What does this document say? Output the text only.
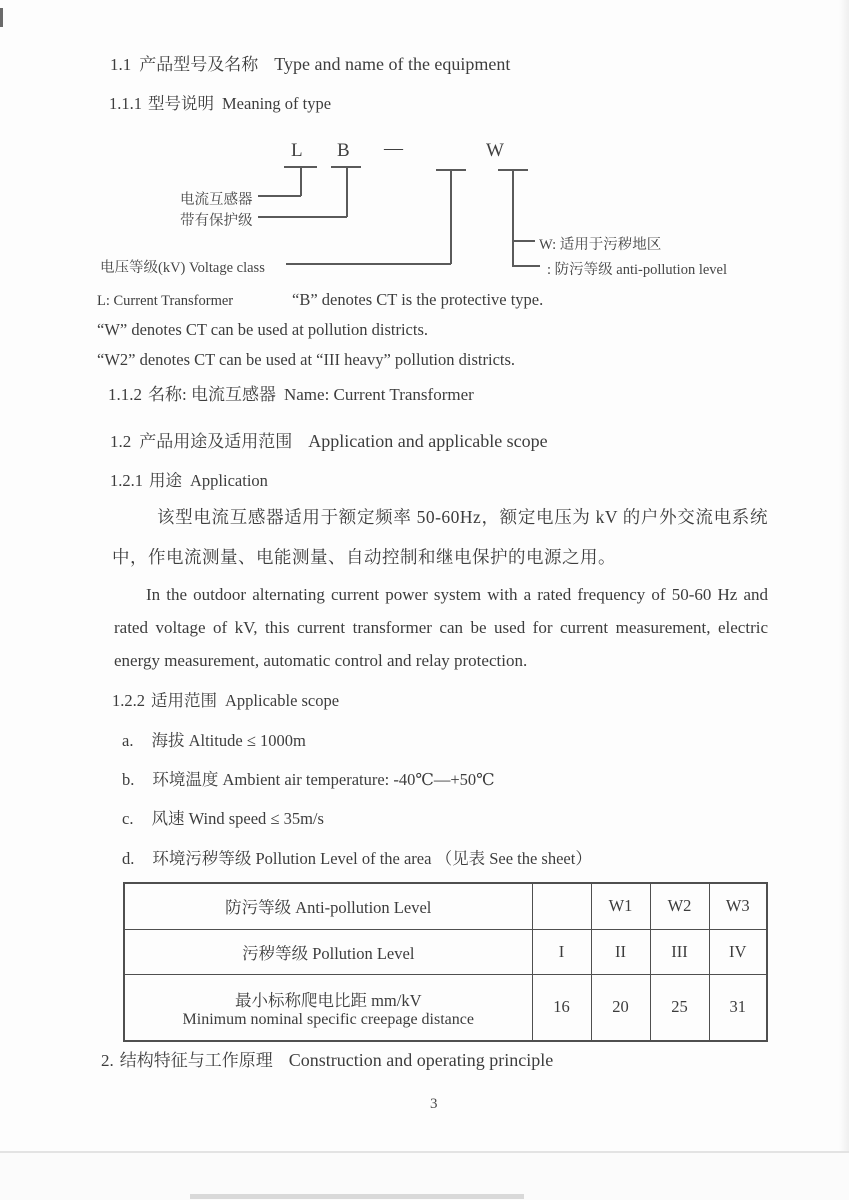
1.1 产品型号及名称 Type and name of the equipment
1.1.1 型号说明 Meaning of type
L B —	W
电流互感器
带有保护级
电压等级(kV) Voltage class
W: 适用于污秽地区
: 防污等级 anti-pollution level
L: Current Transformer	“B” denotes CT is the protective type.
“W” denotes CT can be used at pollution districts.
“W2” denotes CT can be used at “III heavy” pollution districts.
1.1.2 名称: 电流互感器 Name: Current Transformer
1.2 产品用途及适用范围 Application and applicable scope
1.2.1 用途 Application
该型电流互感器适用于额定频率 50-60Hz，额定电压为 kV 的户外交流电系统中，作电流测量、电能测量、自动控制和继电保护的电源之用。
In the outdoor alternating current power system with a rated frequency of 50-60 Hz and rated voltage of kV, this current transformer can be used for current measurement, electric energy measurement, automatic control and relay protection.
1.2.2 适用范围 Applicable scope
a. 海拔 Altitude ≤ 1000m
b. 环境温度 Ambient air temperature: -40℃—+50℃
c. 风速 Wind speed ≤ 35m/s
d. 环境污秽等级 Pollution Level of the area （见表 See the sheet）
防污等级 Anti-pollution Level		W1	W2	W3
污秽等级 Pollution Level	I	II	III	IV

最小标称爬电比距 mm/kV
Minimum nominal specific creepage distance	16	20	25	31
2. 结构特征与工作原理 Construction and operating principle
3
